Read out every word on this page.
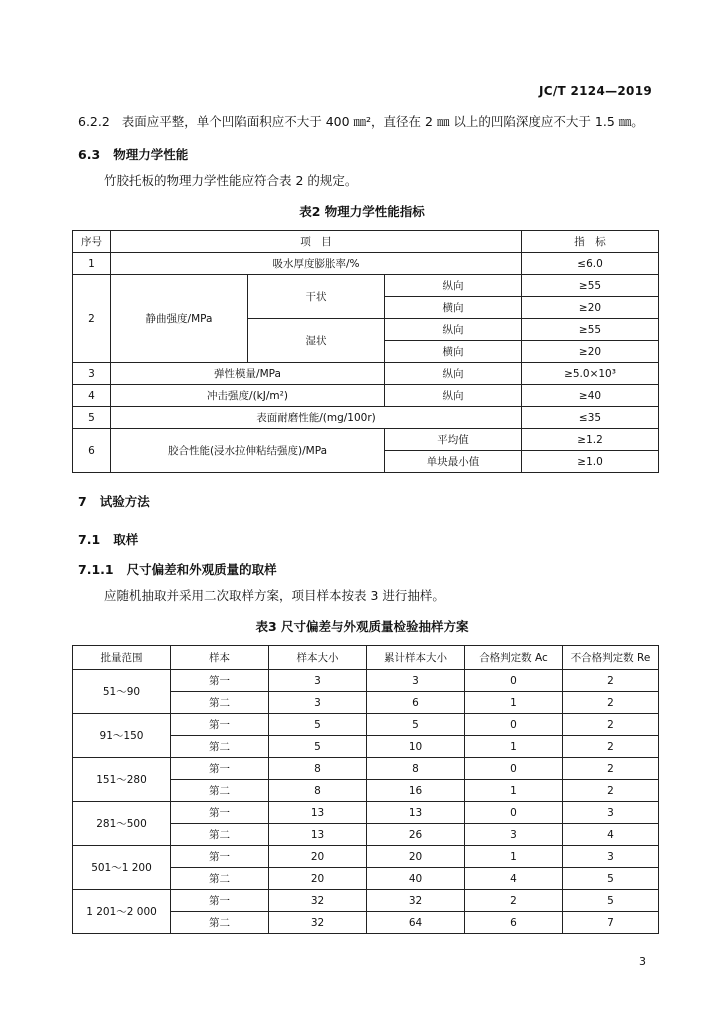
JC/T 2124—2019
6.2.2 表面应平整，单个凹陷面积应不大于 400 ㎜²，直径在 2 ㎜ 以上的凹陷深度应不大于 1.5 ㎜。
6.3 物理力学性能
竹胶托板的物理力学性能应符合表 2 的规定。
表2 物理力学性能指标
序号	项　目			指　标
1	吸水厚度膨胀率/%			≤6.0
2	静曲强度/MPa	干状	纵向	≥55
			横向	≥20
		湿状	纵向	≥55
			横向	≥20
3	弹性模量/MPa		纵向	≥5.0×10³
4	冲击强度/(kJ/m²)		纵向	≥40
5	表面耐磨性能/(mg/100r)			≤35
6	胶合性能(浸水拉伸粘结强度)/MPa		平均值	≥1.2
			单块最小值	≥1.0
7 试验方法
7.1 取样
7.1.1 尺寸偏差和外观质量的取样
应随机抽取并采用二次取样方案，项目样本按表 3 进行抽样。
表3 尺寸偏差与外观质量检验抽样方案
批量范围	样本	样本大小	累计样本大小	合格判定数 Ac	不合格判定数 Re
51～90	第一	3	3	0	2
	第二	3	6	1	2
91～150	第一	5	5	0	2
	第二	5	10	1	2
151～280	第一	8	8	0	2
	第二	8	16	1	2
281～500	第一	13	13	0	3
	第二	13	26	3	4
501～1 200	第一	20	20	1	3
	第二	20	40	4	5
1 201～2 000	第一	32	32	2	5
	第二	32	64	6	7
3
